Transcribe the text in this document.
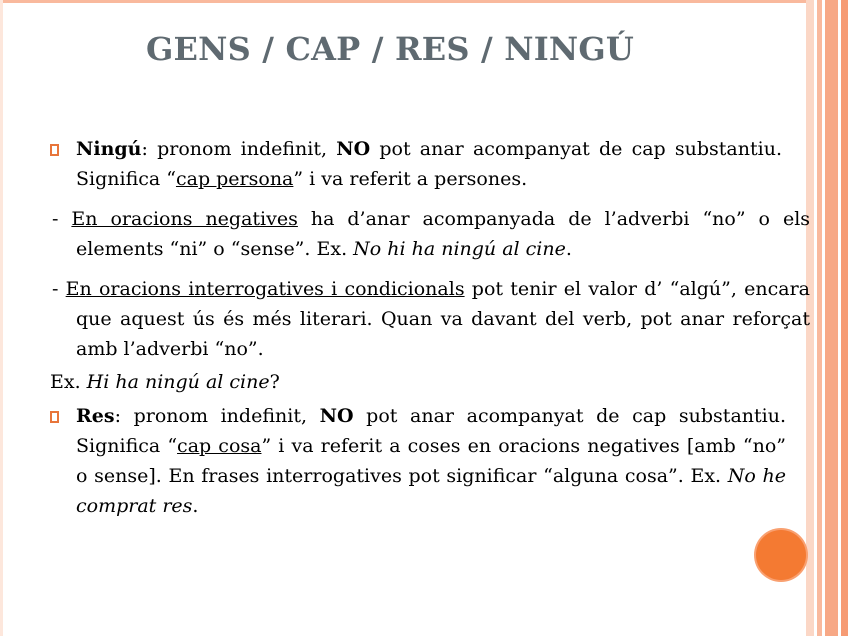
GENS / CAP / RES / NINGÚ
Ningú: pronom indefinit, NO pot anar acompanyat de cap substantiu. Significa “cap persona” i va referit a persones.
- En oracions negatives ha d’anar acompanyada de l’adverbi “no” o els elements “ni” o “sense”. Ex. No hi ha ningú al cine.
- En oracions interrogatives i condicionals pot tenir el valor d’ “algú”, encara que aquest ús és més literari. Quan va davant del verb, pot anar reforçat amb l’adverbi “no”.
Ex. Hi ha ningú al cine?
Res: pronom indefinit, NO pot anar acompanyat de cap substantiu. Significa “cap cosa” i va referit a coses en oracions negatives [amb “no” o sense]. En frases interrogatives pot significar “alguna cosa”. Ex. No he comprat res.
